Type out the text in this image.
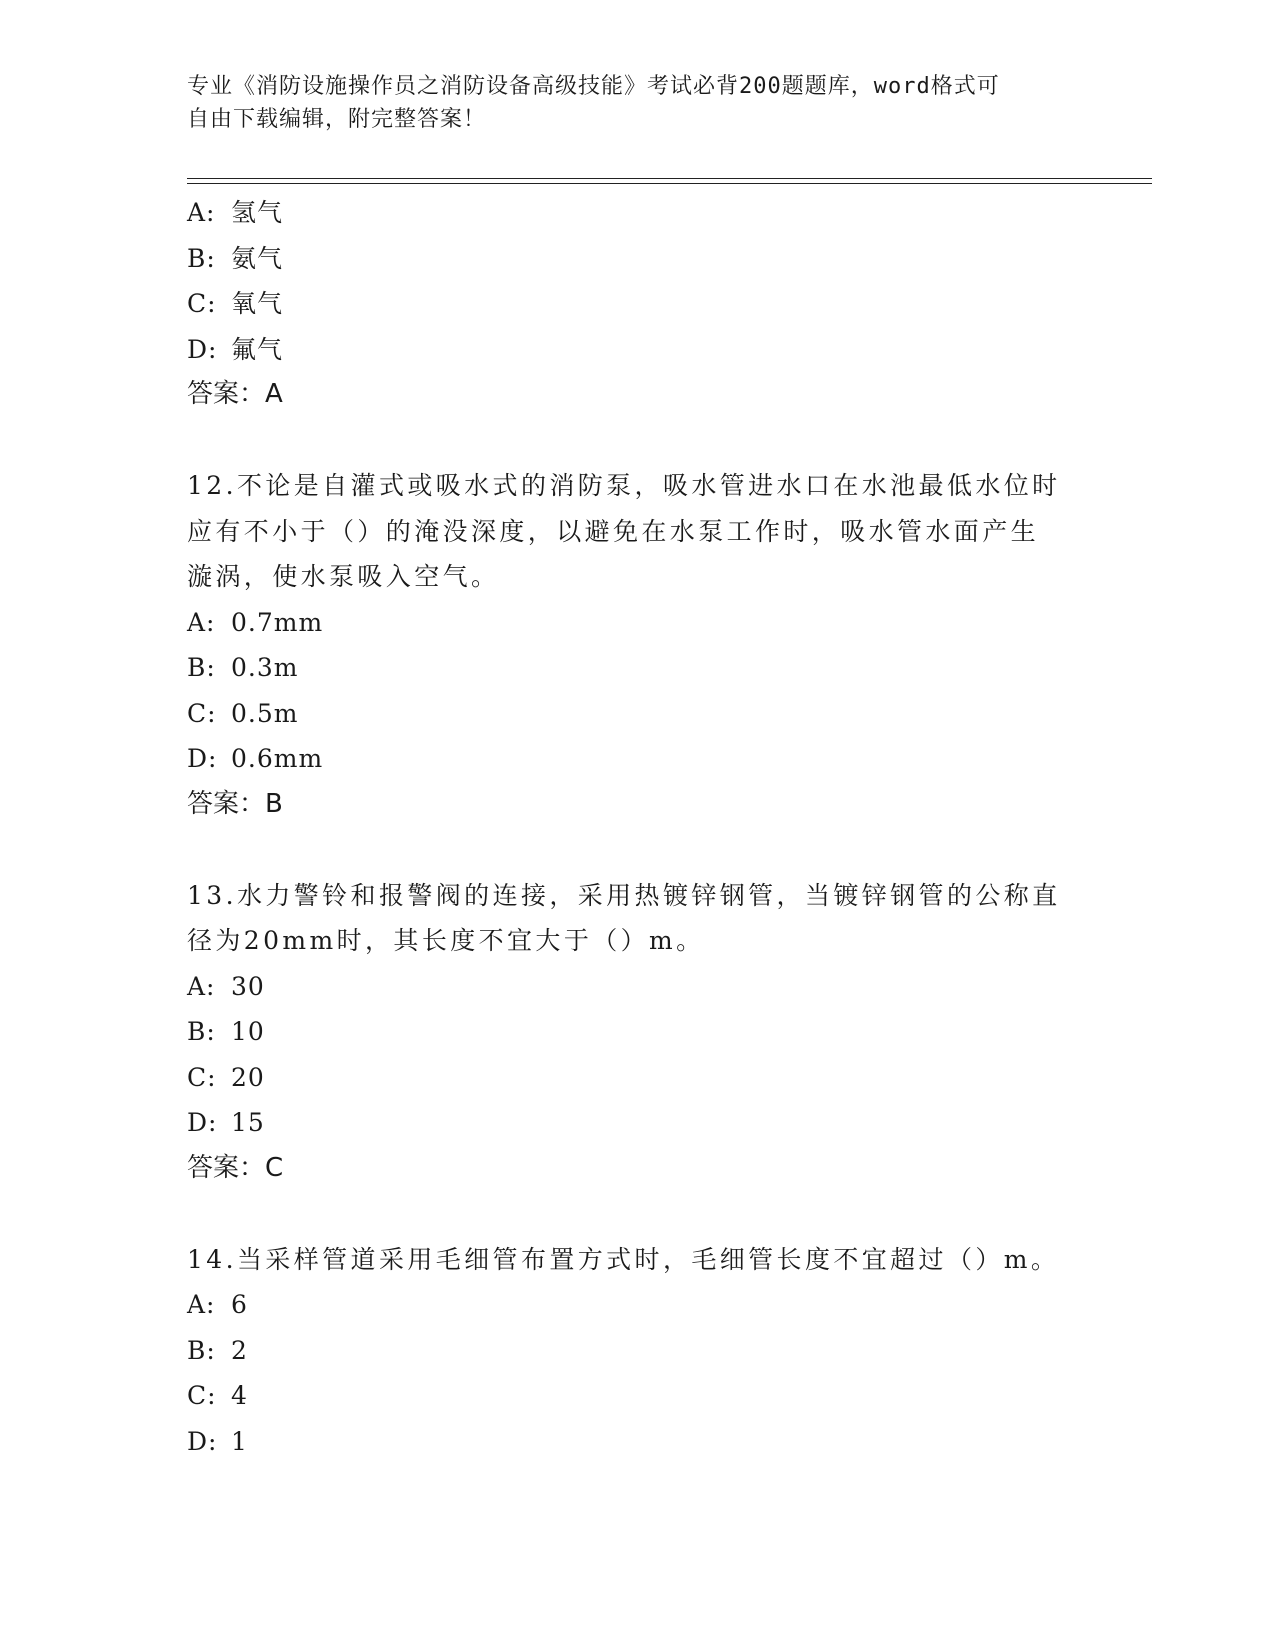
专业《消防设施操作员之消防设备高级技能》考试必背200题题库，word格式可
自由下载编辑，附完整答案！
A: 氢气
B: 氨气
C: 氧气
D: 氟气
答案：A
12.不论是自灌式或吸水式的消防泵，吸水管进水口在水池最低水位时
应有不小于（）的淹没深度，以避免在水泵工作时，吸水管水面产生
漩涡，使水泵吸入空气。
A: 0.7mm
B: 0.3m
C: 0.5m
D: 0.6mm
答案：B
13.水力警铃和报警阀的连接，采用热镀锌钢管，当镀锌钢管的公称直
径为20mm时，其长度不宜大于（）m。
A: 30
B: 10
C: 20
D: 15
答案：C
14.当采样管道采用毛细管布置方式时，毛细管长度不宜超过（）m。
A: 6
B: 2
C: 4
D: 1
